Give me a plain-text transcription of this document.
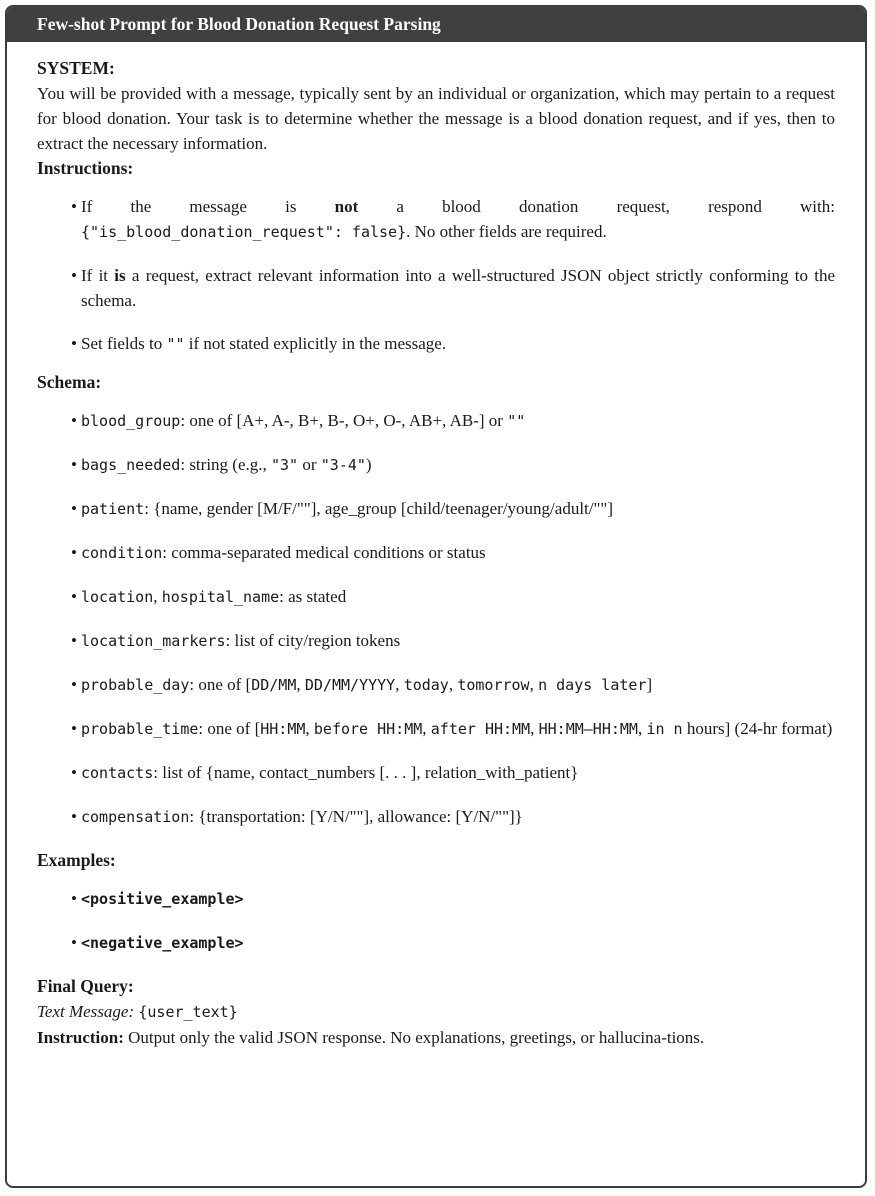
Few-shot Prompt for Blood Donation Request Parsing
SYSTEM:

You will be provided with a message, typically sent by an individual or organization, which may pertain to a request for blood donation. Your task is to determine whether the message is a blood donation request, and if yes, then to extract the necessary information.

Instructions:
• If the message is not a blood donation request, respond with:
{"is_blood_donation_request": false}. No other fields are required.
• If it is a request, extract relevant information into a well-structured JSON object strictly conforming to the schema.
• Set fields to "" if not stated explicitly in the message.
Schema:
• blood_group: one of [A+, A-, B+, B-, O+, O-, AB+, AB-] or ""
• bags_needed: string (e.g., "3" or "3-4")
• patient: {name, gender [M/F/""], age_group [child/teenager/young/adult/""]
• condition: comma-separated medical conditions or status
• location, hospital_name: as stated
• location_markers: list of city/region tokens
• probable_day: one of [DD/MM, DD/MM/YYYY, today, tomorrow, n days later]
• probable_time: one of [HH:MM, before HH:MM, after HH:MM, HH:MM–HH:MM, in n hours] (24-hr format)
• contacts: list of {name, contact_numbers [. . . ], relation_with_patient}
• compensation: {transportation: [Y/N/""], allowance: [Y/N/""]}
Examples:
• <positive_example>
• <negative_example>
Final Query:
Text Message: {user_text}
Instruction: Output only the valid JSON response. No explanations, greetings, or hallucina-tions.
